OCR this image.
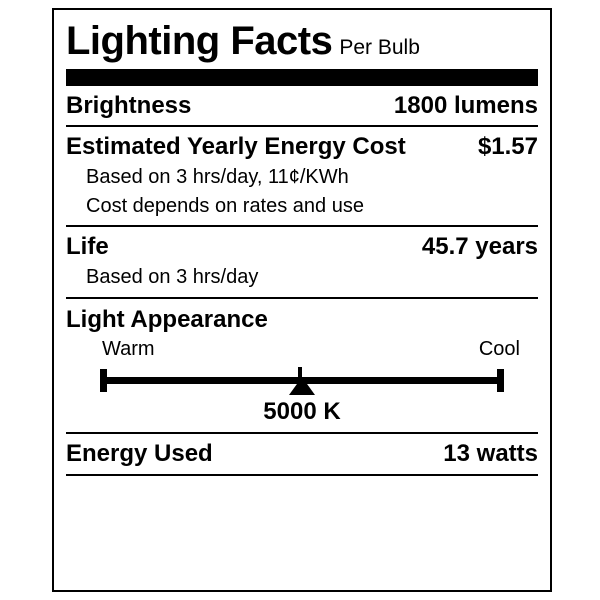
Lighting Facts Per Bulb
Brightness	1800 lumens
Estimated Yearly Energy Cost	$1.57
Based on 3 hrs/day, 11¢/KWh
Cost depends on rates and use
Life	45.7 years
Based on 3 hrs/day
Light Appearance
Warm	Cool
5000 K
Energy Used	13 watts
